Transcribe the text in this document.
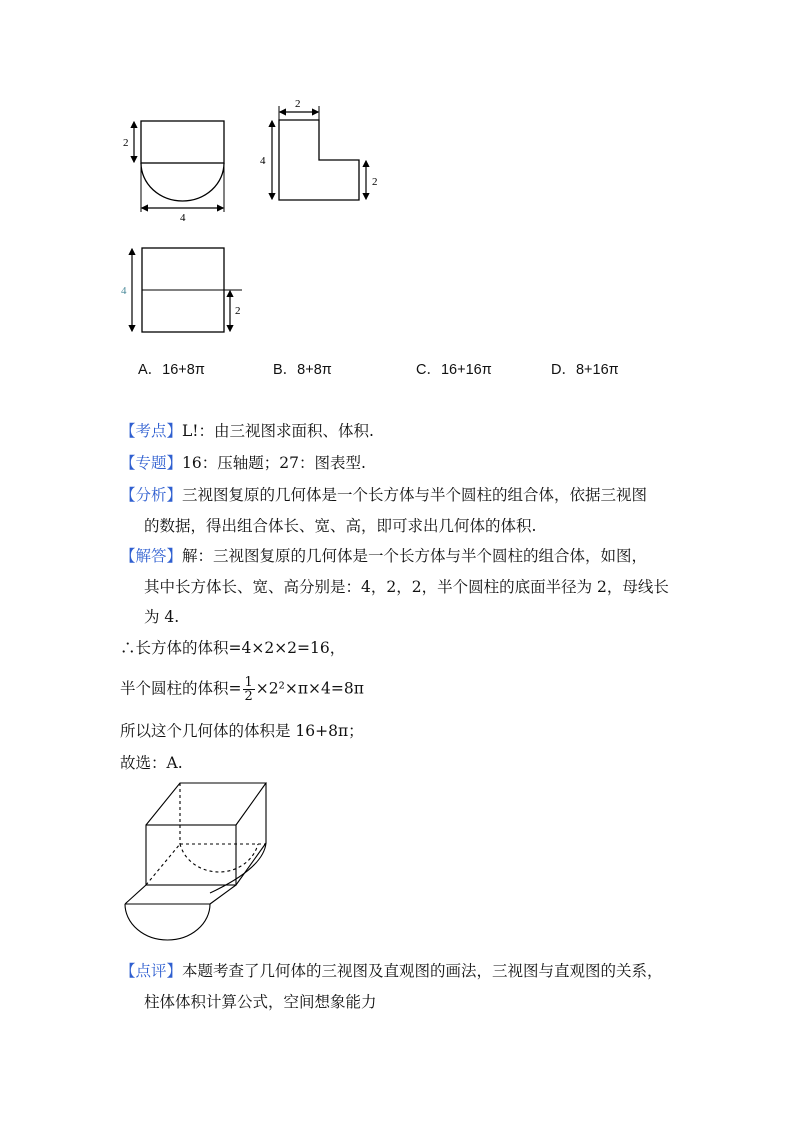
2
4
2
4
2
4
2
A．16+8π	B．8+8π	C．16+16π	D．8+16π
【考点】L!：由三视图求面积、体积.
【专题】16：压轴题；27：图表型.
【分析】三视图复原的几何体是一个长方体与半个圆柱的组合体，依据三视图
的数据，得出组合体长、宽、高，即可求出几何体的体积.
【解答】解：三视图复原的几何体是一个长方体与半个圆柱的组合体，如图，
其中长方体长、宽、高分别是：4，2，2，半个圆柱的底面半径为 2，母线长
为 4.
∴长方体的体积=4×2×2=16，
半个圆柱的体积= $\frac{1}{2} \times 2^2\times\pi\times 4=8\pi$
所以这个几何体的体积是 16+8π；
故选：A.
【点评】本题考查了几何体的三视图及直观图的画法，三视图与直观图的关系，
柱体体积计算公式，空间想象能力
